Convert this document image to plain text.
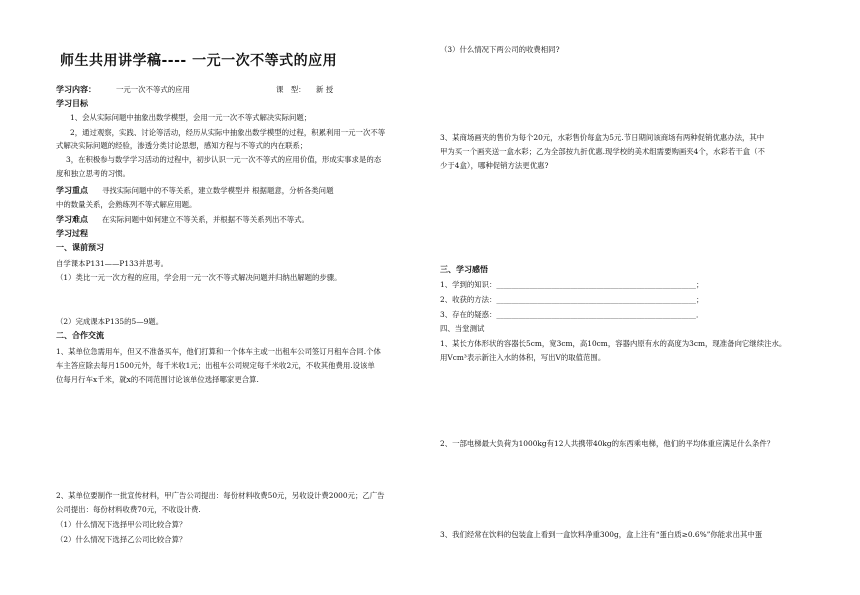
师生共用讲学稿---- 一元一次不等式的应用
学习内容：	一元一次不等式的应用	课　型： 新 授
学习目标
1、会从实际问题中抽象出数学模型，会用一元一次不等式解决实际问题；
2，通过观察，实践、讨论等活动，经历从实际中抽象出数学模型的过程，积累利用一元一次不等
式解决实际问题的经验，渗透分类讨论思想，感知方程与不等式的内在联系；
3，在积极参与数学学习活动的过程中，初步认识一元一次不等式的应用价值，形成实事求是的态
度和独立思考的习惯。
学习重点 寻找实际问题中的不等关系，建立数学模型并 根据题意，分析各类问题
中的数量关系，会熟练列不等式解应用题。
学习难点 在实际问题中如何建立不等关系，并根据不等关系列出不等式。
学习过程
一、课前预习
自学课本P131——P133并思考。
（1）类比一元一次方程的应用，学会用一元一次不等式解决问题并归纳出解题的步骤。
（2）完成课本P135的5—9题。
二、合作交流
1、某单位急需用车，但又不准备买车，他们打算和一个体车主或一出租车公司签订月租车合同.个体
车主答应除去每月1500元外，每千米收1元；出租车公司规定每千米收2元，不收其他费用.设该单
位每月行车x千米，就x的不同范围讨论该单位选择哪家更合算.
2、某单位要制作一批宣传材料，甲广告公司提出：每份材料收费50元，另收设计费2000元；乙广告
公司提出：每份材料收费70元，不收设计费.
（1）什么情况下选择甲公司比较合算？
（2）什么情况下选择乙公司比较合算？
（3）什么情况下两公司的收费相同?
3、某商场画夹的售价为每个20元，水彩售价每盒为5元.节日期间该商场有两种促销优惠办法，其中
甲为买一个画夹送一盒水彩；乙为全部按九折优惠.现学校的美术组需要购画夹4个，水彩若干盒（不
少于4盒），哪种促销方法更优惠?
三、学习感悟
1、学到的知识：______________________________________________________；
2、收获的方法：______________________________________________________；
3、存在的疑惑：______________________________________________________．
四、当堂测试
1、某长方体形状的容器长5cm，宽3cm，高10cm，容器内原有水的高度为3cm，现准备向它继续注水。
用Vcm³表示新注入水的体积，写出V的取值范围。
2、一部电梯最大负荷为1000kg有12人共携带40kg的东西乘电梯，他们的平均体重应满足什么条件？
3、我们经常在饮料的包装盒上看到一盒饮料净重300g，盒上注有“蛋白质≥0.6%”你能求出其中蛋
